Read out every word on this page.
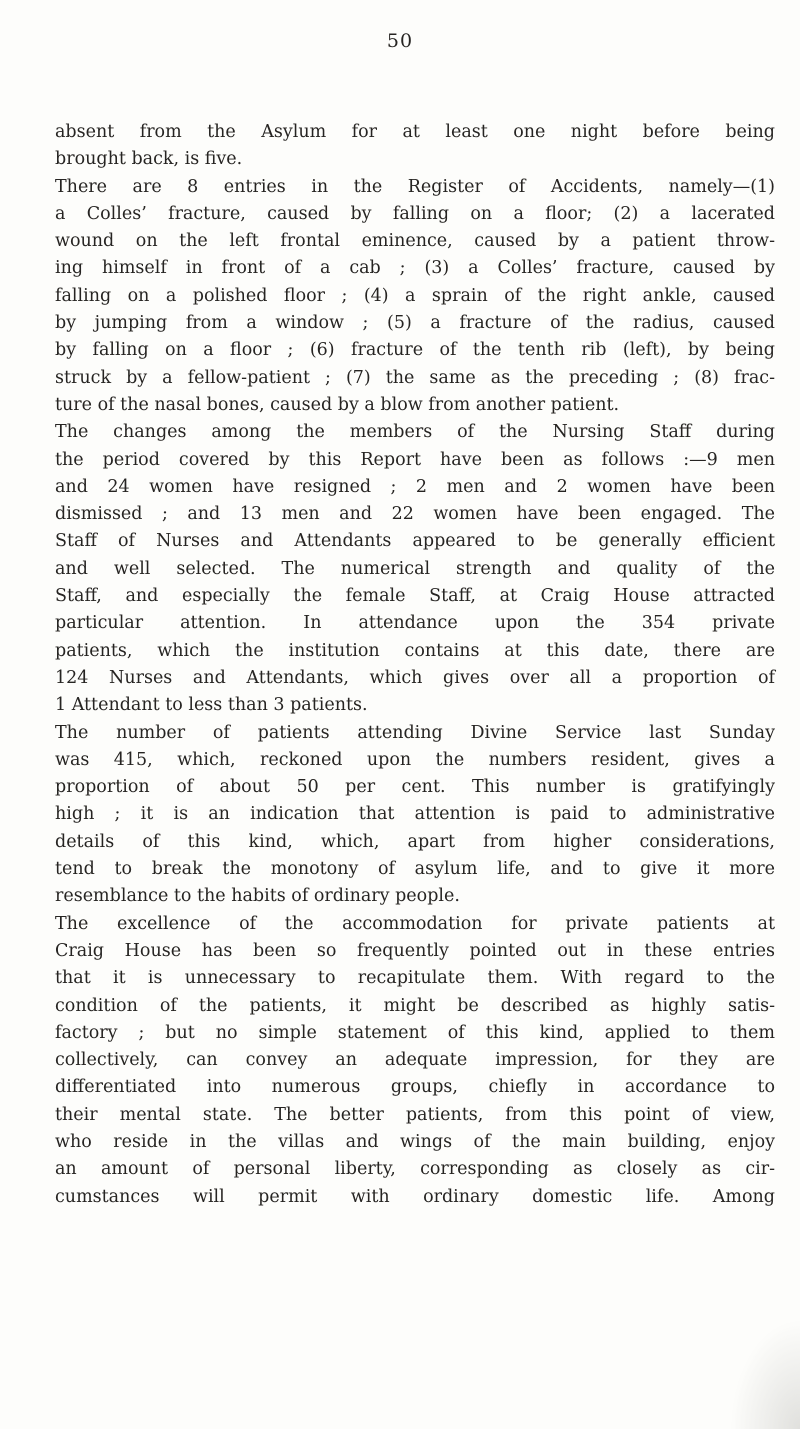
50
absent from the Asylum for at least one night before being
brought back, is five.
There are 8 entries in the Register of Accidents, namely—(1)
a Colles’ fracture, caused by falling on a floor; (2) a lacerated
wound on the left frontal eminence, caused by a patient throw-
ing himself in front of a cab ; (3) a Colles’ fracture, caused by
falling on a polished floor ; (4) a sprain of the right ankle, caused
by jumping from a window ; (5) a fracture of the radius, caused
by falling on a floor ; (6) fracture of the tenth rib (left), by being
struck by a fellow-patient ; (7) the same as the preceding ; (8) frac-
ture of the nasal bones, caused by a blow from another patient.
The changes among the members of the Nursing Staff during
the period covered by this Report have been as follows :—9 men
and 24 women have resigned ; 2 men and 2 women have been
dismissed ; and 13 men and 22 women have been engaged. The
Staff of Nurses and Attendants appeared to be generally efficient
and well selected. The numerical strength and quality of the
Staff, and especially the female Staff, at Craig House attracted
particular attention. In attendance upon the 354 private
patients, which the institution contains at this date, there are
124 Nurses and Attendants, which gives over all a proportion of
1 Attendant to less than 3 patients.
The number of patients attending Divine Service last Sunday
was 415, which, reckoned upon the numbers resident, gives a
proportion of about 50 per cent. This number is gratifyingly
high ; it is an indication that attention is paid to administrative
details of this kind, which, apart from higher considerations,
tend to break the monotony of asylum life, and to give it more
resemblance to the habits of ordinary people.
The excellence of the accommodation for private patients at
Craig House has been so frequently pointed out in these entries
that it is unnecessary to recapitulate them. With regard to the
condition of the patients, it might be described as highly satis-
factory ; but no simple statement of this kind, applied to them
collectively, can convey an adequate impression, for they are
differentiated into numerous groups, chiefly in accordance to
their mental state. The better patients, from this point of view,
who reside in the villas and wings of the main building, enjoy
an amount of personal liberty, corresponding as closely as cir-
cumstances will permit with ordinary domestic life. Among
